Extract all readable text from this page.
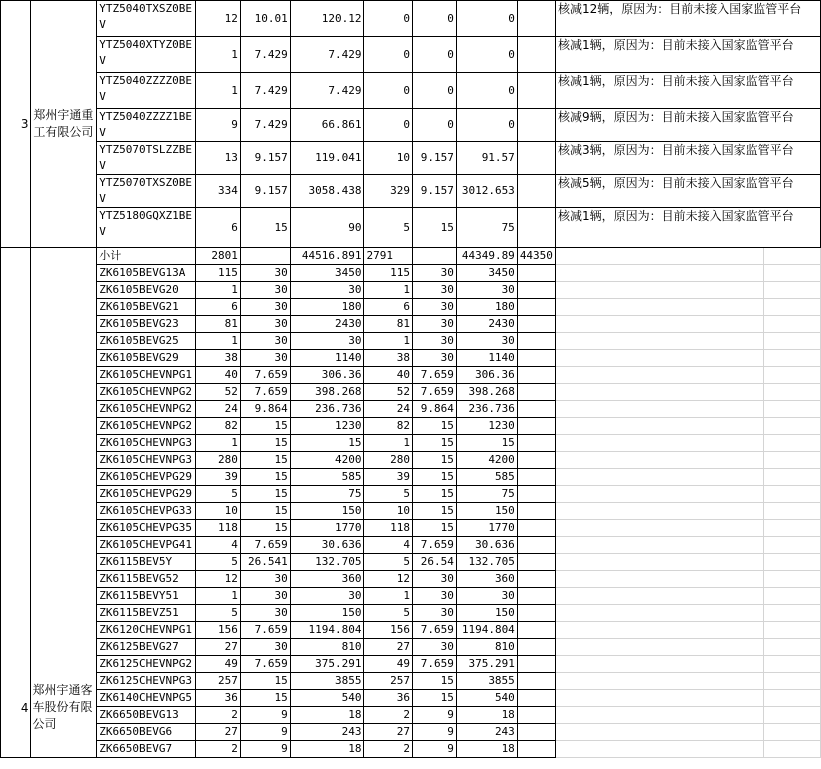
3	郑州宇通重工有限公司	YTZ5040TXSZ0BEV	12	10.01	120.12	0	0	0		核减12辆，原因为：目前未接入国家监管平台	
		YTZ5040XTYZ0BEV	1	7.429	7.429	0	0	0		核减1辆，原因为：目前未接入国家监管平台	
		YTZ5040ZZZZ0BEV	1	7.429	7.429	0	0	0		核减1辆，原因为：目前未接入国家监管平台	
		YTZ5040ZZZZ1BEV	9	7.429	66.861	0	0	0		核减9辆，原因为：目前未接入国家监管平台	
		YTZ5070TSLZZBEV	13	9.157	119.041	10	9.157	91.57		核减3辆，原因为：目前未接入国家监管平台	
		YTZ5070TXSZ0BEV	334	9.157	3058.438	329	9.157	3012.653		核减5辆，原因为：目前未接入国家监管平台	
		YTZ5180GQXZ1BEV	6	15	90	5	15	75		核减1辆，原因为：目前未接入国家监管平台	
4	郑州宇通客车股份有限公司	小计	2801		44516.891	2791		44349.89	44350		
		ZK6105BEVG13A	115	30	3450	115	30	3450			
		ZK6105BEVG20	1	30	30	1	30	30			
		ZK6105BEVG21	6	30	180	6	30	180			
		ZK6105BEVG23	81	30	2430	81	30	2430			
		ZK6105BEVG25	1	30	30	1	30	30			
		ZK6105BEVG29	38	30	1140	38	30	1140			
		ZK6105CHEVNPG1	40	7.659	306.36	40	7.659	306.36			
		ZK6105CHEVNPG2	52	7.659	398.268	52	7.659	398.268			
		ZK6105CHEVNPG2	24	9.864	236.736	24	9.864	236.736			
		ZK6105CHEVNPG2	82	15	1230	82	15	1230			
		ZK6105CHEVNPG3	1	15	15	1	15	15			
		ZK6105CHEVNPG3	280	15	4200	280	15	4200			
		ZK6105CHEVPG29	39	15	585	39	15	585			
		ZK6105CHEVPG29	5	15	75	5	15	75			
		ZK6105CHEVPG33	10	15	150	10	15	150			
		ZK6105CHEVPG35	118	15	1770	118	15	1770			
		ZK6105CHEVPG41	4	7.659	30.636	4	7.659	30.636			
		ZK6115BEV5Y	5	26.541	132.705	5	26.54	132.705			
		ZK6115BEVG52	12	30	360	12	30	360			
		ZK6115BEVY51	1	30	30	1	30	30			
		ZK6115BEVZ51	5	30	150	5	30	150			
		ZK6120CHEVNPG1	156	7.659	1194.804	156	7.659	1194.804			
		ZK6125BEVG27	27	30	810	27	30	810			
		ZK6125CHEVNPG2	49	7.659	375.291	49	7.659	375.291			
		ZK6125CHEVNPG3	257	15	3855	257	15	3855			
		ZK6140CHEVNPG5	36	15	540	36	15	540			
		ZK6650BEVG13	2	9	18	2	9	18			
		ZK6650BEVG6	27	9	243	27	9	243			
		ZK6650BEVG7	2	9	18	2	9	18			
